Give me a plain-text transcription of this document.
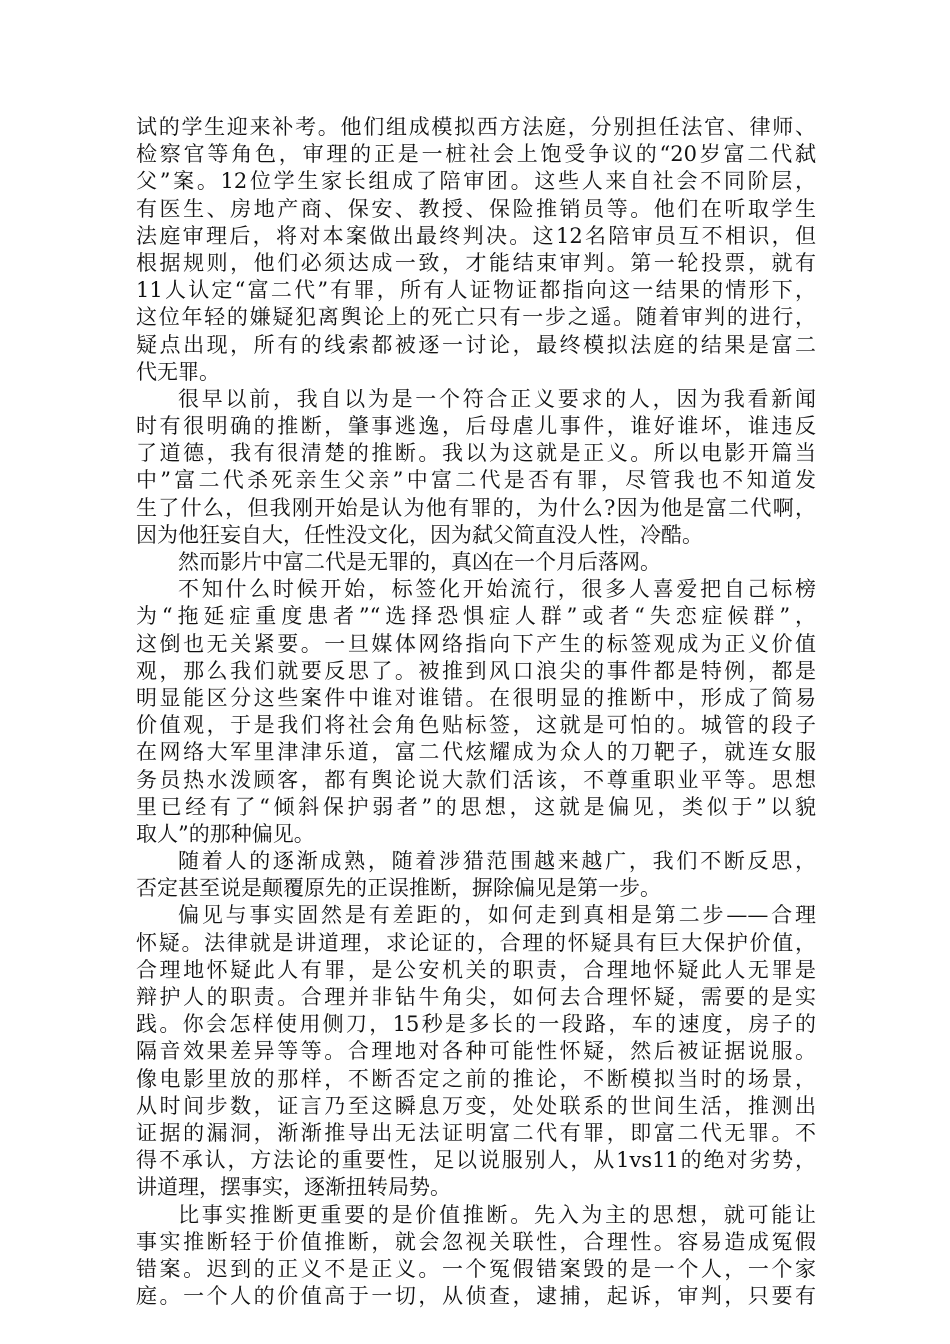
试的学生迎来补考。他们组成模拟西方法庭，分别担任法官、律师、
检察官等角色，审理的正是一桩社会上饱受争议的“20岁富二代弑
父”案。12位学生家长组成了陪审团。这些人来自社会不同阶层，
有医生、房地产商、保安、教授、保险推销员等。他们在听取学生
法庭审理后，将对本案做出最终判决。这12名陪审员互不相识，但
根据规则，他们必须达成一致，才能结束审判。第一轮投票，就有
11人认定“富二代”有罪，所有人证物证都指向这一结果的情形下，
这位年轻的嫌疑犯离舆论上的死亡只有一步之遥。随着审判的进行，
疑点出现，所有的线索都被逐一讨论，最终模拟法庭的结果是富二
代无罪。
很早以前，我自以为是一个符合正义要求的人，因为我看新闻
时有很明确的推断，肇事逃逸，后母虐儿事件，谁好谁坏，谁违反
了道德，我有很清楚的推断。我以为这就是正义。所以电影开篇当
中”富二代杀死亲生父亲”中富二代是否有罪，尽管我也不知道发
生了什么，但我刚开始是认为他有罪的，为什么?因为他是富二代啊，
因为他狂妄自大，任性没文化，因为弑父简直没人性，冷酷。
然而影片中富二代是无罪的，真凶在一个月后落网。
不知什么时候开始，标签化开始流行，很多人喜爱把自己标榜
为“拖延症重度患者”“选择恐惧症人群”或者“失恋症候群”，
这倒也无关紧要。一旦媒体网络指向下产生的标签观成为正义价值
观，那么我们就要反思了。被推到风口浪尖的事件都是特例，都是
明显能区分这些案件中谁对谁错。在很明显的推断中，形成了简易
价值观，于是我们将社会角色贴标签，这就是可怕的。城管的段子
在网络大军里津津乐道，富二代炫耀成为众人的刀靶子，就连女服
务员热水泼顾客，都有舆论说大款们活该，不尊重职业平等。思想
里已经有了“倾斜保护弱者”的思想，这就是偏见，类似于”以貌
取人”的那种偏见。
随着人的逐渐成熟，随着涉猎范围越来越广，我们不断反思，
否定甚至说是颠覆原先的正误推断，摒除偏见是第一步。
偏见与事实固然是有差距的，如何走到真相是第二步——合理
怀疑。法律就是讲道理，求论证的，合理的怀疑具有巨大保护价值，
合理地怀疑此人有罪，是公安机关的职责，合理地怀疑此人无罪是
辩护人的职责。合理并非钻牛角尖，如何去合理怀疑，需要的是实
践。你会怎样使用侧刀，15秒是多长的一段路，车的速度，房子的
隔音效果差异等等。合理地对各种可能性怀疑，然后被证据说服。
像电影里放的那样，不断否定之前的推论，不断模拟当时的场景，
从时间步数，证言乃至这瞬息万变，处处联系的世间生活，推测出
证据的漏洞，渐渐推导出无法证明富二代有罪，即富二代无罪。不
得不承认，方法论的重要性，足以说服别人，从1vs11的绝对劣势，
讲道理，摆事实，逐渐扭转局势。
比事实推断更重要的是价值推断。先入为主的思想，就可能让
事实推断轻于价值推断，就会忽视关联性，合理性。容易造成冤假
错案。迟到的正义不是正义。一个冤假错案毁的是一个人，一个家
庭。一个人的价值高于一切，从侦查，逮捕，起诉，审判，只要有
